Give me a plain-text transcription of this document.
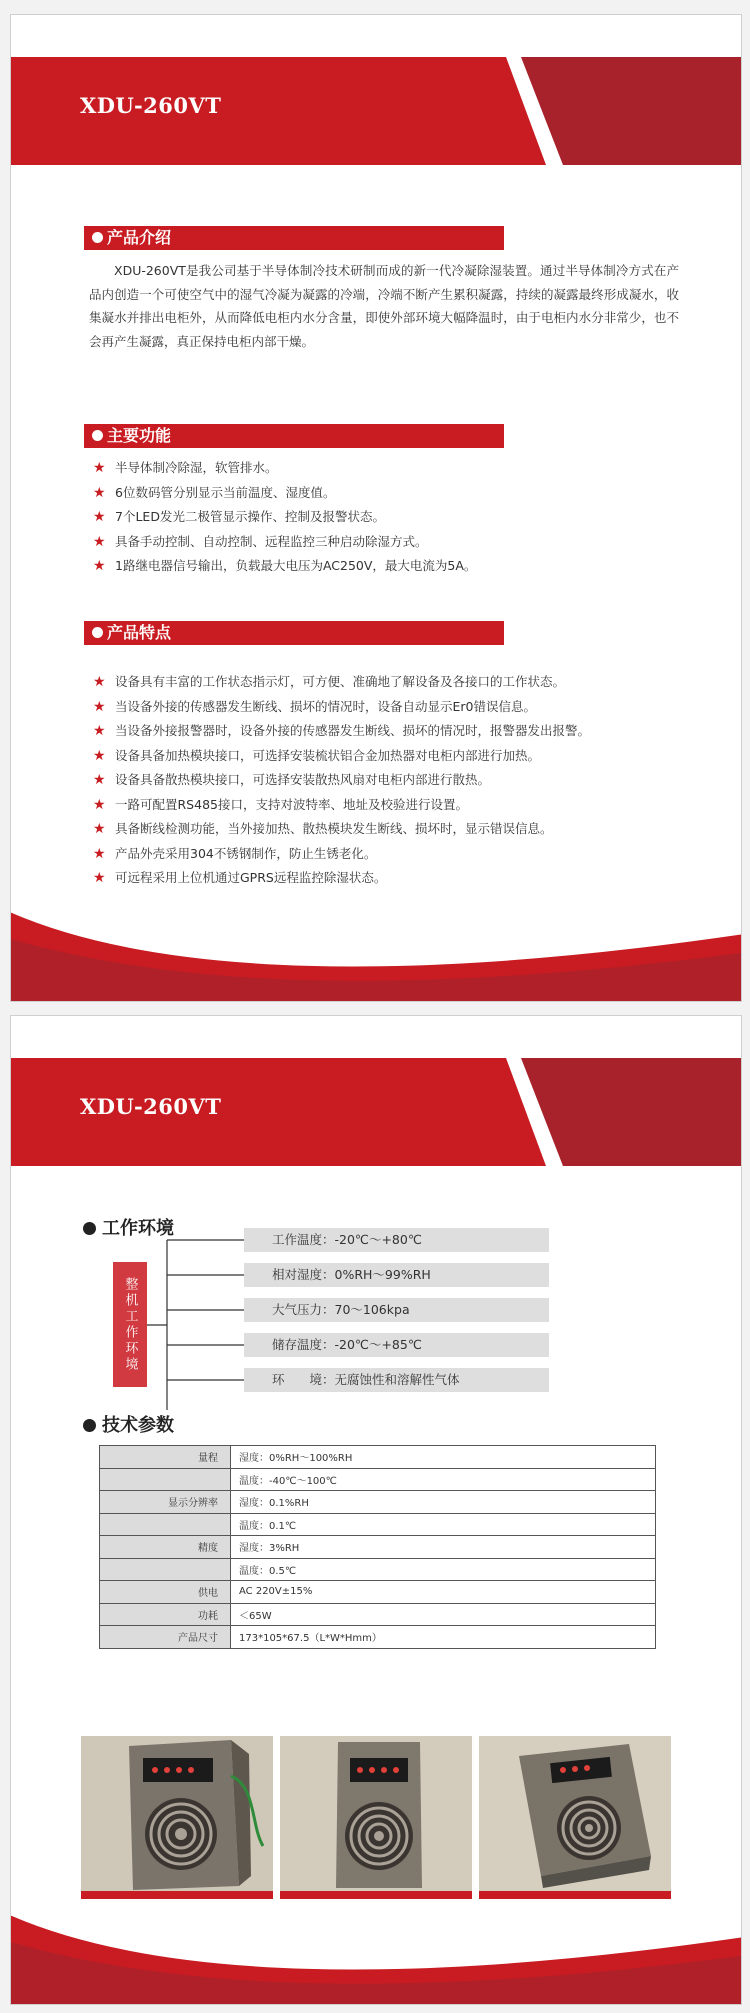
XDU-260VT
产品介绍
XDU-260VT是我公司基于半导体制冷技术研制而成的新一代冷凝除湿装置。通过半导体制冷方式在产品内创造一个可使空气中的湿气冷凝为凝露的冷端，冷端不断产生累积凝露，持续的凝露最终形成凝水，收集凝水并排出电柜外，从而降低电柜内水分含量，即使外部环境大幅降温时，由于电柜内水分非常少，也不会再产生凝露，真正保持电柜内部干燥。
主要功能
★ 半导体制冷除湿，软管排水。
★ 6位数码管分别显示当前温度、湿度值。
★ 7个LED发光二极管显示操作、控制及报警状态。
★ 具备手动控制、自动控制、远程监控三种启动除湿方式。
★ 1路继电器信号输出，负载最大电压为AC250V，最大电流为5A。
产品特点
★ 设备具有丰富的工作状态指示灯，可方便、准确地了解设备及各接口的工作状态。
★ 当设备外接的传感器发生断线、损坏的情况时，设备自动显示Er0错误信息。
★ 当设备外接报警器时，设备外接的传感器发生断线、损坏的情况时，报警器发出报警。
★ 设备具备加热模块接口，可选择安装梳状铝合金加热器对电柜内部进行加热。
★ 设备具备散热模块接口，可选择安装散热风扇对电柜内部进行散热。
★ 一路可配置RS485接口，支持对波特率、地址及校验进行设置。
★ 具备断线检测功能，当外接加热、散热模块发生断线、损坏时，显示错误信息。
★ 产品外壳采用304不锈钢制作，防止生锈老化。
★ 可远程采用上位机通过GPRS远程监控除湿状态。
XDU-260VT
工作环境
整机工作环境
工作温度：-20℃～+80℃
相对湿度：0%RH～99%RH
大气压力：70～106kpa
储存温度：-20℃～+85℃
环　　境：无腐蚀性和溶解性气体
技术参数
量程	湿度：0%RH～100%RH
	温度：-40℃～100℃
显示分辨率	湿度：0.1%RH
	温度：0.1℃
精度	湿度：3%RH
	温度：0.5℃
供电	AC 220V±15%
功耗	＜65W
产品尺寸	173*105*67.5（L*W*Hmm）
